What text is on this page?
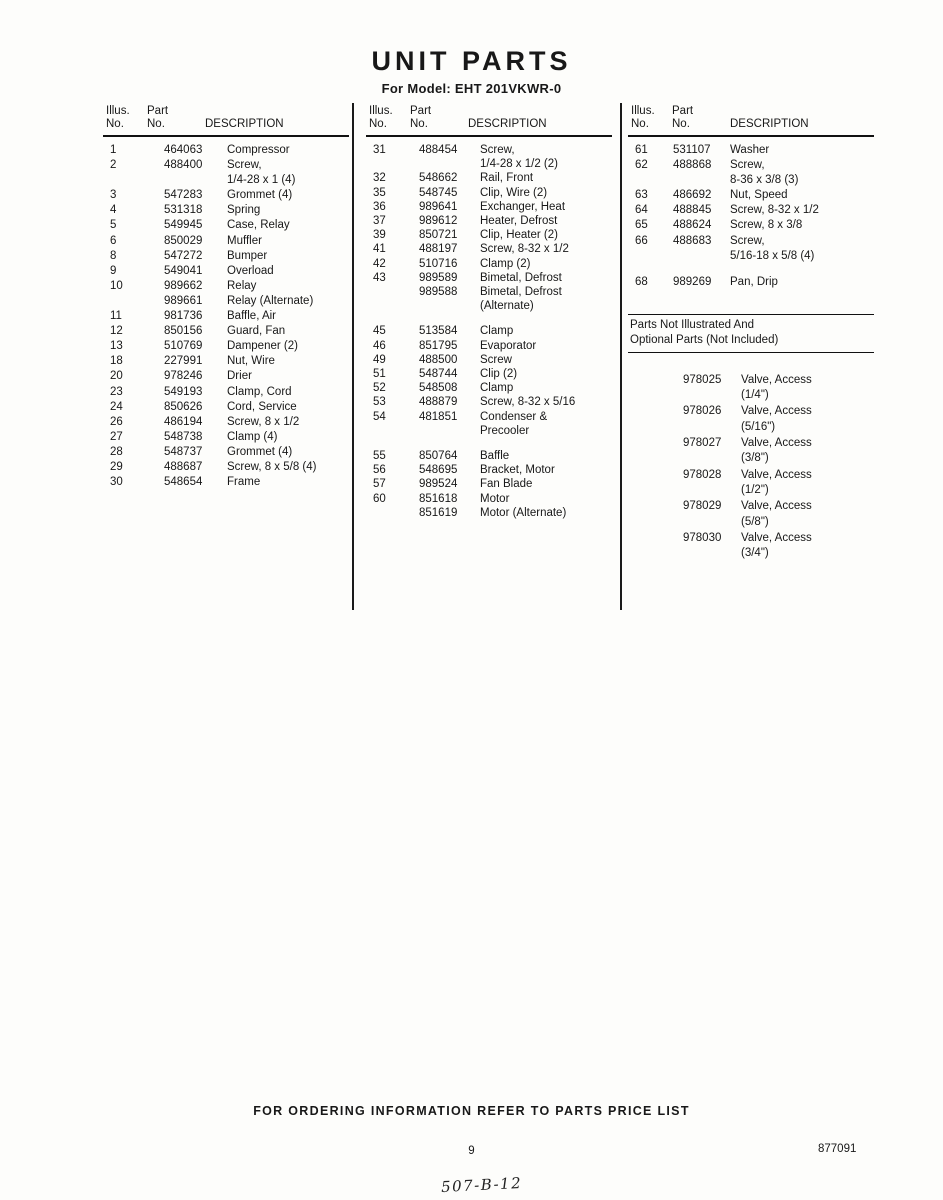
UNIT PARTS
For Model: EHT 201VKWR-0
Illus.	Part
No.	No.	DESCRIPTION
1	464063	Compressor
2	488400	Screw,
1/4-28 x 1 (4)
3	547283	Grommet (4)
4	531318	Spring
5	549945	Case, Relay
6	850029	Muffler
8	547272	Bumper
9	549041	Overload
10	989662	Relay
989661	Relay (Alternate)
11	981736	Baffle, Air
12	850156	Guard, Fan
13	510769	Dampener (2)
18	227991	Nut, Wire
20	978246	Drier
23	549193	Clamp, Cord
24	850626	Cord, Service
26	486194	Screw, 8 x 1/2
27	548738	Clamp (4)
28	548737	Grommet (4)
29	488687	Screw, 8 x 5/8 (4)
30	548654	Frame
Illus.	Part
No.	No.	DESCRIPTION
31	488454	Screw,
1/4-28 x 1/2 (2)
32	548662	Rail, Front
35	548745	Clip, Wire (2)
36	989641	Exchanger, Heat
37	989612	Heater, Defrost
39	850721	Clip, Heater (2)
41	488197	Screw, 8-32 x 1/2
42	510716	Clamp (2)
43	989589	Bimetal, Defrost
989588	Bimetal, Defrost
(Alternate)
45	513584	Clamp
46	851795	Evaporator
49	488500	Screw
51	548744	Clip (2)
52	548508	Clamp
53	488879	Screw, 8-32 x 5/16
54	481851	Condenser &
Precooler
55	850764	Baffle
56	548695	Bracket, Motor
57	989524	Fan Blade
60	851618	Motor
851619	Motor (Alternate)
Illus.	Part
No.	No.	DESCRIPTION
61	531107	Washer
62	488868	Screw,
8-36 x 3/8 (3)
63	486692	Nut, Speed
64	488845	Screw, 8-32 x 1/2
65	488624	Screw, 8 x 3/8
66	488683	Screw,
5/16-18 x 5/8 (4)
68	989269	Pan, Drip
Parts Not Illustrated And
Optional Parts (Not Included)
978025	Valve, Access
(1/4")
978026	Valve, Access
(5/16")
978027	Valve, Access
(3/8")
978028	Valve, Access
(1/2")
978029	Valve, Access
(5/8")
978030	Valve, Access
(3/4")
FOR ORDERING INFORMATION REFER TO PARTS PRICE LIST
9	877091
507-B-12
